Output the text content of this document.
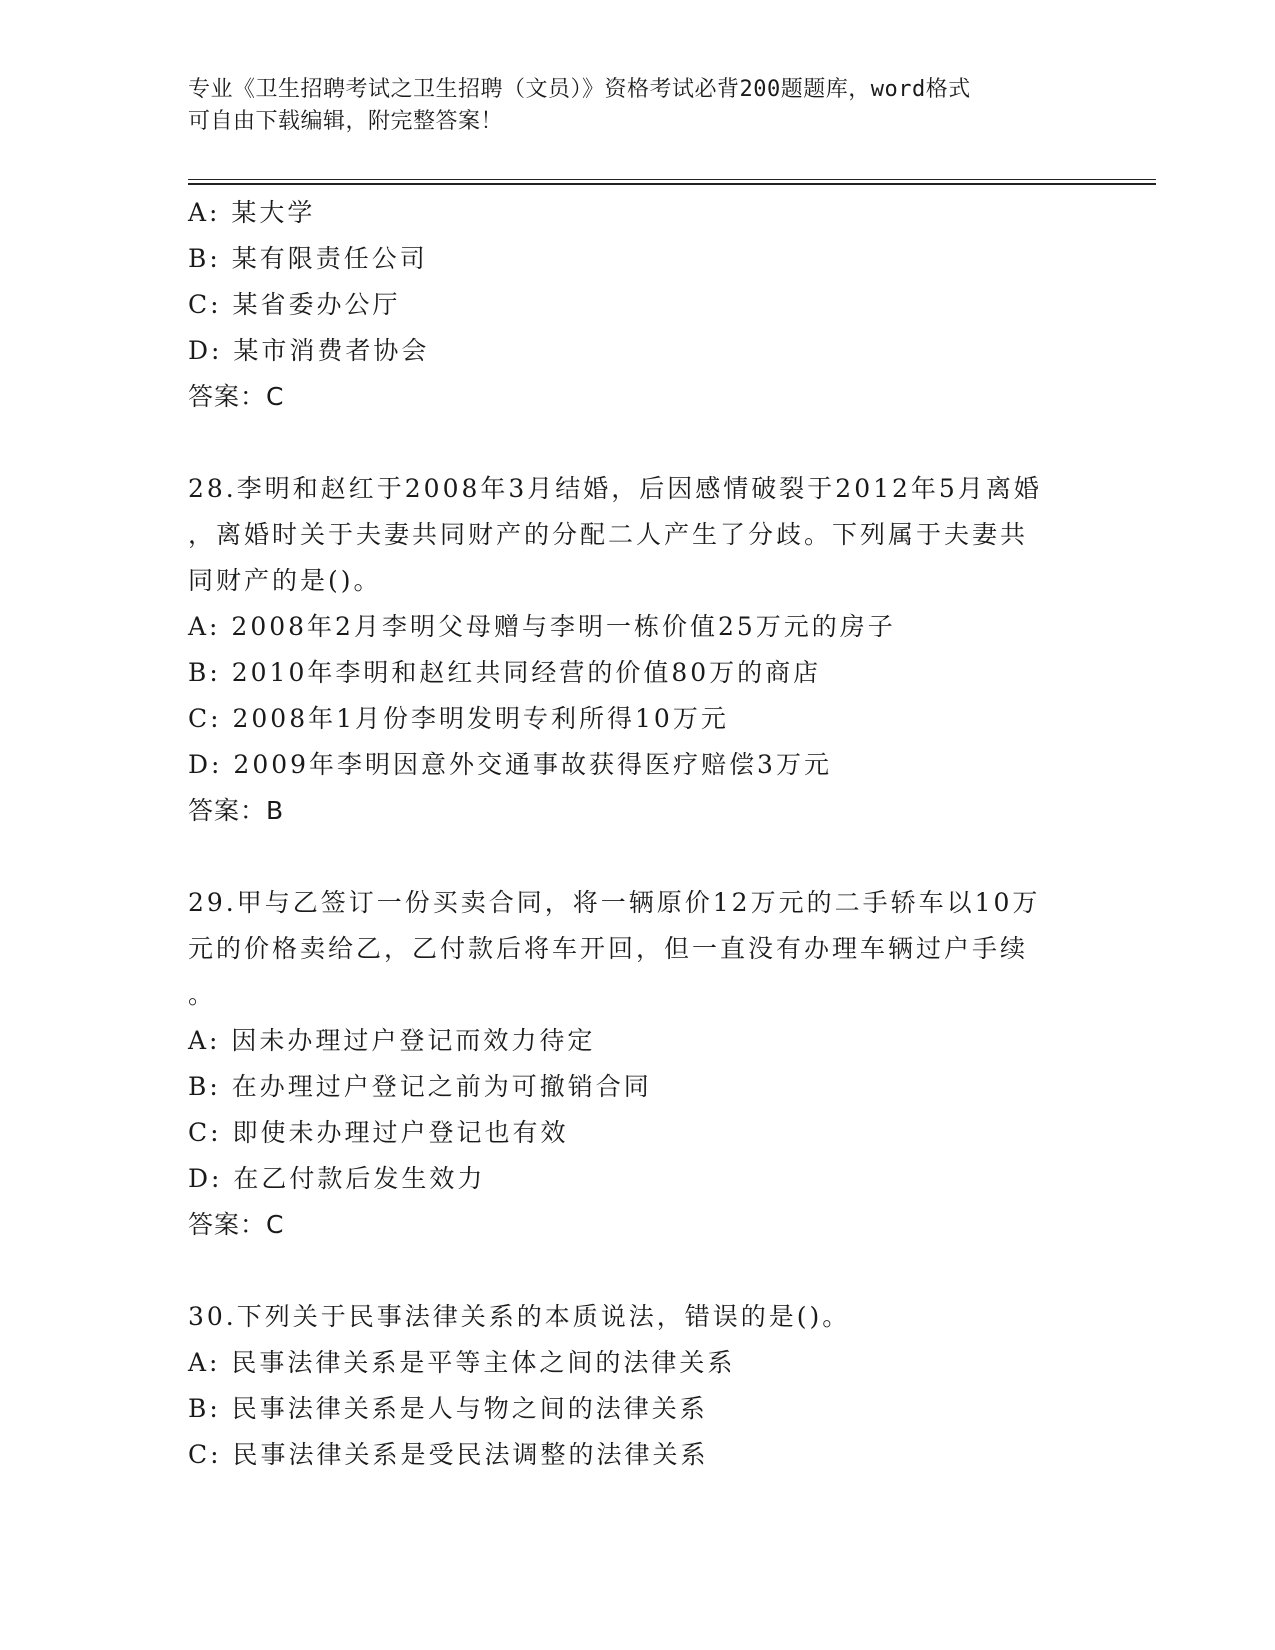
专业《卫生招聘考试之卫生招聘（文员）》资格考试必背200题题库，word格式
可自由下载编辑，附完整答案！
A: 某大学
B: 某有限责任公司
C: 某省委办公厅
D: 某市消费者协会
答案：C
28.李明和赵红于2008年3月结婚，后因感情破裂于2012年5月离婚
，离婚时关于夫妻共同财产的分配二人产生了分歧。下列属于夫妻共
同财产的是()。
A: 2008年2月李明父母赠与李明一栋价值25万元的房子
B: 2010年李明和赵红共同经营的价值80万的商店
C: 2008年1月份李明发明专利所得10万元
D: 2009年李明因意外交通事故获得医疗赔偿3万元
答案：B
29.甲与乙签订一份买卖合同，将一辆原价12万元的二手轿车以10万
元的价格卖给乙，乙付款后将车开回，但一直没有办理车辆过户手续
。
A: 因未办理过户登记而效力待定
B: 在办理过户登记之前为可撤销合同
C: 即使未办理过户登记也有效
D: 在乙付款后发生效力
答案：C
30.下列关于民事法律关系的本质说法，错误的是()。
A: 民事法律关系是平等主体之间的法律关系
B: 民事法律关系是人与物之间的法律关系
C: 民事法律关系是受民法调整的法律关系
